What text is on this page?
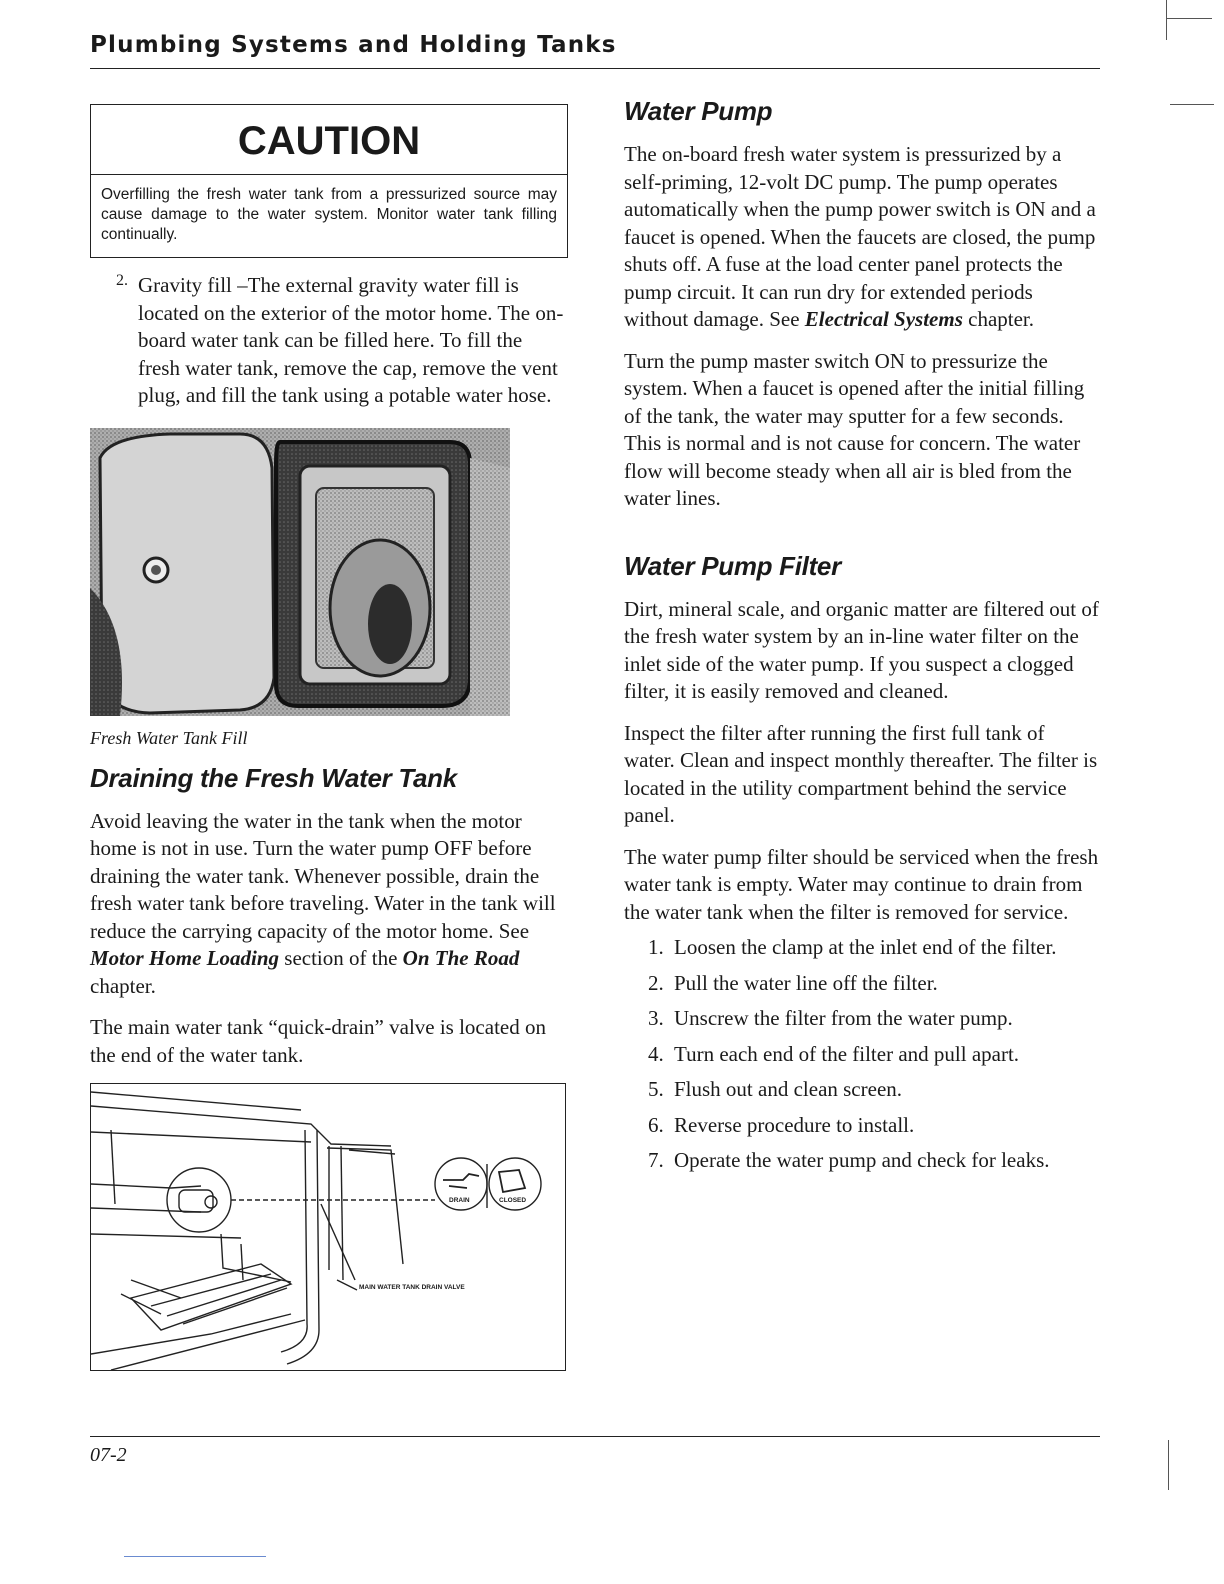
Plumbing Systems and Holding Tanks
CAUTION
Overfilling the fresh water tank from a pressurized source may cause damage to the water system. Monitor water tank filling continually.
2. Gravity fill –The external gravity water fill is located on the exterior of the motor home. The on-board water tank can be filled here. To fill the fresh water tank, remove the cap, remove the vent plug, and fill the tank using a potable water hose.

Fresh Water Tank Fill
Draining the Fresh Water Tank

Avoid leaving the water in the tank when the motor home is not in use. Turn the water pump OFF before draining the water tank. Whenever possible, drain the fresh water tank before traveling. Water in the tank will reduce the carrying capacity of the motor home. See Motor Home Loading section of the On The Road chapter.

The main water tank “quick-drain” valve is located on the end of the water tank.

DRAIN	CLOSED
MAIN WATER TANK DRAIN VALVE
Water Pump

The on-board fresh water system is pressurized by a self-priming, 12-volt DC pump. The pump operates automatically when the pump power switch is ON and a faucet is opened. When the faucets are closed, the pump shuts off. A fuse at the load center panel protects the pump circuit. It can run dry for extended periods without damage. See Electrical Systems chapter.

Turn the pump master switch ON to pressurize the system. When a faucet is opened after the initial filling of the tank, the water may sputter for a few seconds. This is normal and is not cause for concern. The water flow will become steady when all air is bled from the water lines.

Water Pump Filter

Dirt, mineral scale, and organic matter are filtered out of the fresh water system by an in-line water filter on the inlet side of the water pump. If you suspect a clogged filter, it is easily removed and cleaned.

Inspect the filter after running the first full tank of water. Clean and inspect monthly thereafter. The filter is located in the utility compartment behind the service panel.

The water pump filter should be serviced when the fresh water tank is empty. Water may continue to drain from the water tank when the filter is removed for service.

1. Loosen the clamp at the inlet end of the filter.
2. Pull the water line off the filter.
3. Unscrew the filter from the water pump.
4. Turn each end of the filter and pull apart.
5. Flush out and clean screen.
6. Reverse procedure to install.
7. Operate the water pump and check for leaks.
07-2
